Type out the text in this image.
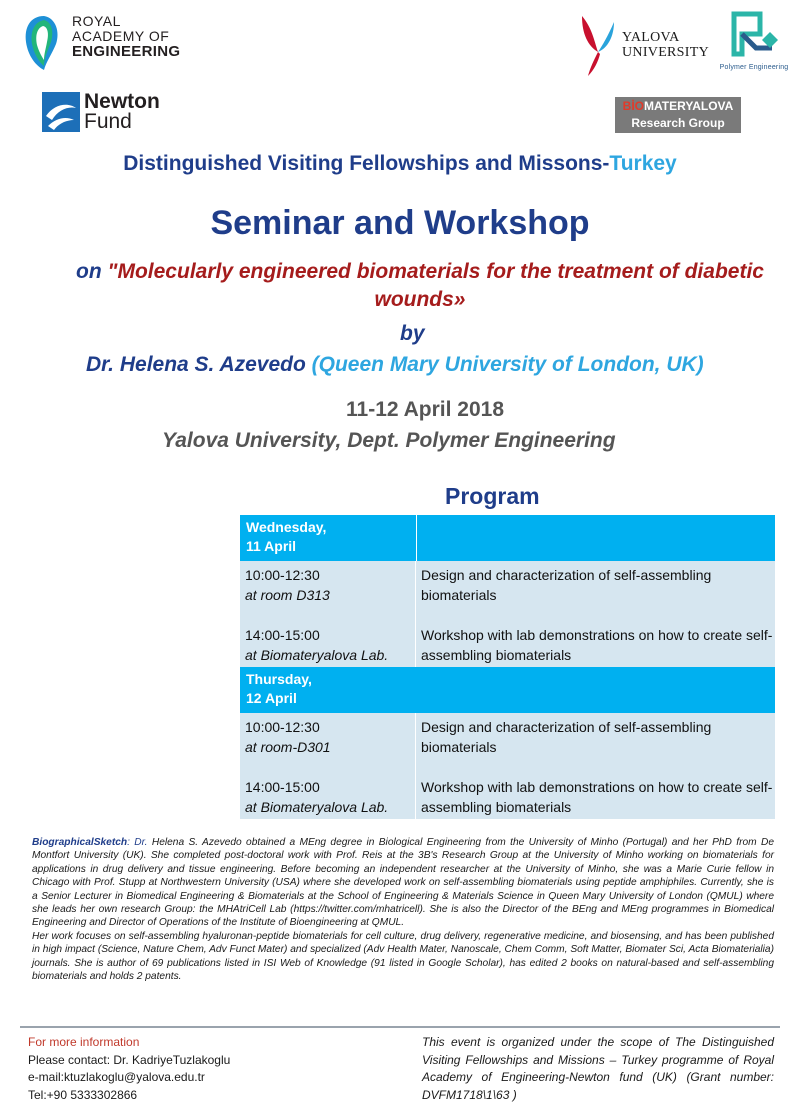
ROYAL
ACADEMY OF
ENGINEERING
Newton
Fund
YALOVA
UNIVERSITY
Polymer Engineering
BİOMATERYALOVA
Research Group
Distinguished Visiting Fellowships and Missons-Turkey
Seminar and Workshop
on "Molecularly engineered biomaterials for the treatment of diabetic wounds»
by
Dr. Helena S. Azevedo (Queen Mary University of London, UK)
11-12 April 2018
Yalova University, Dept. Polymer Engineering
Program
Wednesday,
11 April
10:00-12:30
at room D313
14:00-15:00
at Biomateryalova Lab.
Design and characterization of self-assembling biomaterials
Workshop with lab demonstrations on how to create self-assembling biomaterials
Thursday,
12 April
10:00-12:30
at room-D301
14:00-15:00
at Biomateryalova Lab.
Design and characterization of self-assembling biomaterials
Workshop with lab demonstrations on how to create self-assembling biomaterials

BiographicalSketch: Dr. Helena S. Azevedo obtained a MEng degree in Biological Engineering from the University of Minho (Portugal) and her PhD from De Montfort University (UK). She completed post-doctoral work with Prof. Reis at the 3B's Research Group at the University of Minho working on biomaterials for applications in drug delivery and tissue engineering. Before becoming an independent researcher at the University of Minho, she was a Marie Curie fellow in Chicago with Prof. Stupp at Northwestern University (USA) where she developed work on self-assembling biomaterials using peptide amphiphiles. Currently, she is a Senior Lecturer in Biomedical Engineering & Biomaterials at the School of Engineering & Materials Science in Queen Mary University of London (QMUL) where she leads her own research Group: the MHAtriCell Lab (https://twitter.com/mhatricell). She is also the Director of the BEng and MEng programmes in Biomedical Engineering and Director of Operations of the Institute of Bioengineering at QMUL.

Her work focuses on self-assembling hyaluronan-peptide biomaterials for cell culture, drug delivery, regenerative medicine, and biosensing, and has been published in high impact (Science, Nature Chem, Adv Funct Mater) and specialized (Adv Health Mater, Nanoscale, Chem Comm, Soft Matter, Biomater Sci, Acta Biomaterialia) journals. She is author of 69 publications listed in ISI Web of Knowledge (91 listed in Google Scholar), has edited 2 books on natural-based and self-assembling biomaterials and holds 2 patents.

For more information
Please contact: Dr. KadriyeTuzlakoglu
e-mail:ktuzlakoglu@yalova.edu.tr
Tel:+90 5333302866
This event is organized under the scope of The Distinguished Visiting Fellowships and Missions – Turkey programme of Royal Academy of Engineering-Newton fund (UK) (Grant number: DVFM1718\1\63 )
